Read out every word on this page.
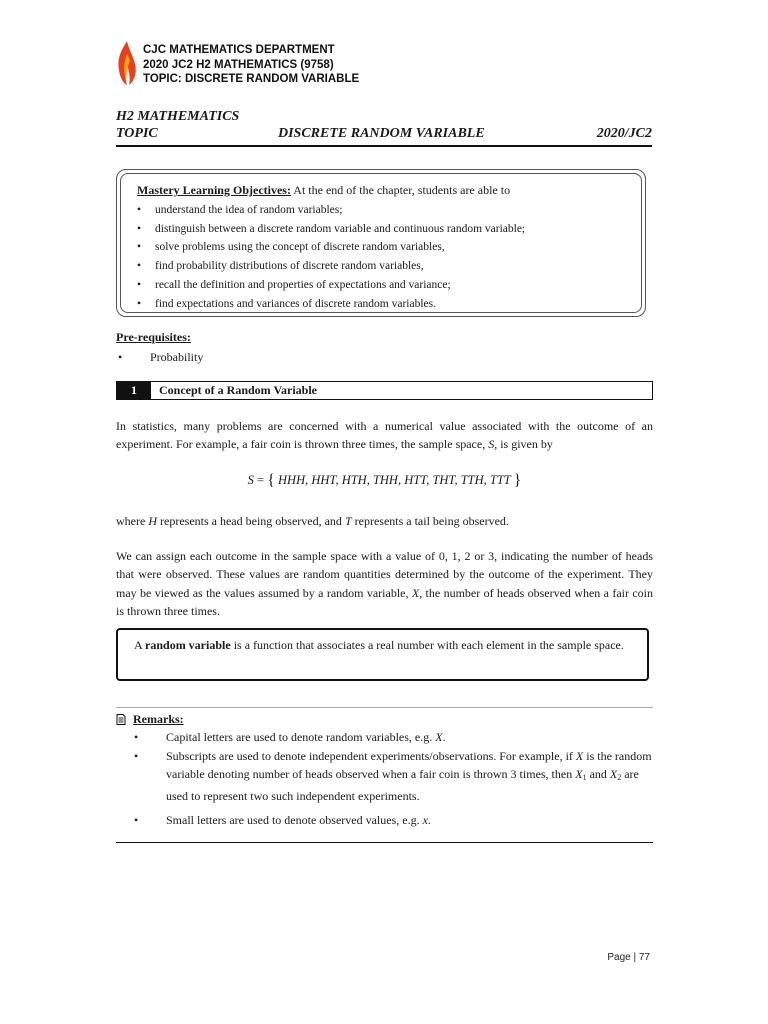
CJC MATHEMATICS DEPARTMENT
2020 JC2 H2 MATHEMATICS (9758)
TOPIC: DISCRETE RANDOM VARIABLE
H2 MATHEMATICS
TOPIC	DISCRETE RANDOM VARIABLE	2020/JC2
Mastery Learning Objectives: At the end of the chapter, students are able to
• understand the idea of random variables;
• distinguish between a discrete random variable and continuous random variable;
• solve problems using the concept of discrete random variables,
• find probability distributions of discrete random variables,
• recall the definition and properties of expectations and variance;
• find expectations and variances of discrete random variables.
Pre-requisites:
• Probability
1	Concept of a Random Variable
In statistics, many problems are concerned with a numerical value associated with the outcome of an experiment. For example, a fair coin is thrown three times, the sample space, S, is given by
S = { HHH, HHT, HTH, THH, HTT, THT, TTH, TTT }
where H represents a head being observed, and T represents a tail being observed.
We can assign each outcome in the sample space with a value of 0, 1, 2 or 3, indicating the number of heads that were observed. These values are random quantities determined by the outcome of the experiment. They may be viewed as the values assumed by a random variable, X, the number of heads observed when a fair coin is thrown three times.
A random variable is a function that associates a real number with each element in the sample space.
Remarks:
• Capital letters are used to denote random variables, e.g. X.
• Subscripts are used to denote independent experiments/observations. For example, if X is the random variable denoting number of heads observed when a fair coin is thrown 3 times, then $X_1$ and $X_2$ are used to represent two such independent experiments.
• Small letters are used to denote observed values, e.g. x.
Page | 77
